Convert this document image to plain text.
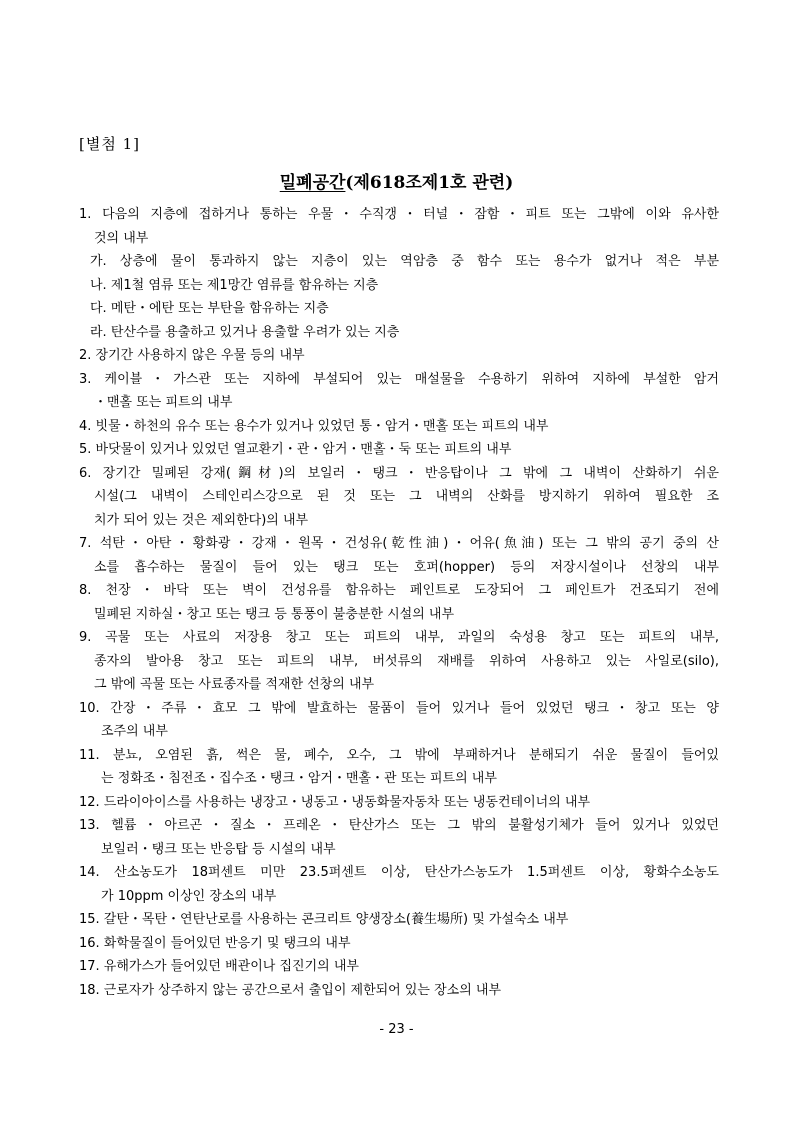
[별첨 1]
밀폐공간(제618조제1호 관련)
1. 다음의 지층에 접하거나 통하는 우물・수직갱・터널・잠함・피트 또는 그밖에 이와 유사한
것의 내부
가. 상층에 물이 통과하지 않는 지층이 있는 역암층 중 함수 또는 용수가 없거나 적은 부분
나. 제1철 염류 또는 제1망간 염류를 함유하는 지층
다. 메탄・에탄 또는 부탄을 함유하는 지층
라. 탄산수를 용출하고 있거나 용출할 우려가 있는 지층
2. 장기간 사용하지 않은 우물 등의 내부
3. 케이블・가스관 또는 지하에 부설되어 있는 매설물을 수용하기 위하여 지하에 부설한 암거
・맨홀 또는 피트의 내부
4. 빗물・하천의 유수 또는 용수가 있거나 있었던 통・암거・맨홀 또는 피트의 내부
5. 바닷물이 있거나 있었던 열교환기・관・암거・맨홀・둑 또는 피트의 내부
6. 장기간 밀폐된 강재(鋼材)의 보일러・탱크・반응탑이나 그 밖에 그 내벽이 산화하기 쉬운
시설(그 내벽이 스테인리스강으로 된 것 또는 그 내벽의 산화를 방지하기 위하여 필요한 조
치가 되어 있는 것은 제외한다)의 내부
7. 석탄・아탄・황화광・강재・원목・건성유(乾性油)・어유(魚油) 또는 그 밖의 공기 중의 산
소를 흡수하는 물질이 들어 있는 탱크 또는 호퍼(hopper) 등의 저장시설이나 선창의 내부
8. 천장・바닥 또는 벽이 건성유를 함유하는 페인트로 도장되어 그 페인트가 건조되기 전에
밀폐된 지하실・창고 또는 탱크 등 통풍이 불충분한 시설의 내부
9. 곡물 또는 사료의 저장용 창고 또는 피트의 내부, 과일의 숙성용 창고 또는 피트의 내부,
종자의 발아용 창고 또는 피트의 내부, 버섯류의 재배를 위하여 사용하고 있는 사일로(silo),
그 밖에 곡물 또는 사료종자를 적재한 선창의 내부
10. 간장・주류・효모 그 밖에 발효하는 물품이 들어 있거나 들어 있었던 탱크・창고 또는 양
조주의 내부
11. 분뇨, 오염된 흙, 썩은 물, 폐수, 오수, 그 밖에 부패하거나 분해되기 쉬운 물질이 들어있
는 정화조・침전조・집수조・탱크・암거・맨홀・관 또는 피트의 내부
12. 드라이아이스를 사용하는 냉장고・냉동고・냉동화물자동차 또는 냉동컨테이너의 내부
13. 헬륨・아르곤・질소・프레온・탄산가스 또는 그 밖의 불활성기체가 들어 있거나 있었던
보일러・탱크 또는 반응탑 등 시설의 내부
14. 산소농도가 18퍼센트 미만 23.5퍼센트 이상, 탄산가스농도가 1.5퍼센트 이상, 황화수소농도
가 10ppm 이상인 장소의 내부
15. 갈탄・목탄・연탄난로를 사용하는 콘크리트 양생장소(養生場所) 및 가설숙소 내부
16. 화학물질이 들어있던 반응기 및 탱크의 내부
17. 유해가스가 들어있던 배관이나 집진기의 내부
18. 근로자가 상주하지 않는 공간으로서 출입이 제한되어 있는 장소의 내부
- 23 -
